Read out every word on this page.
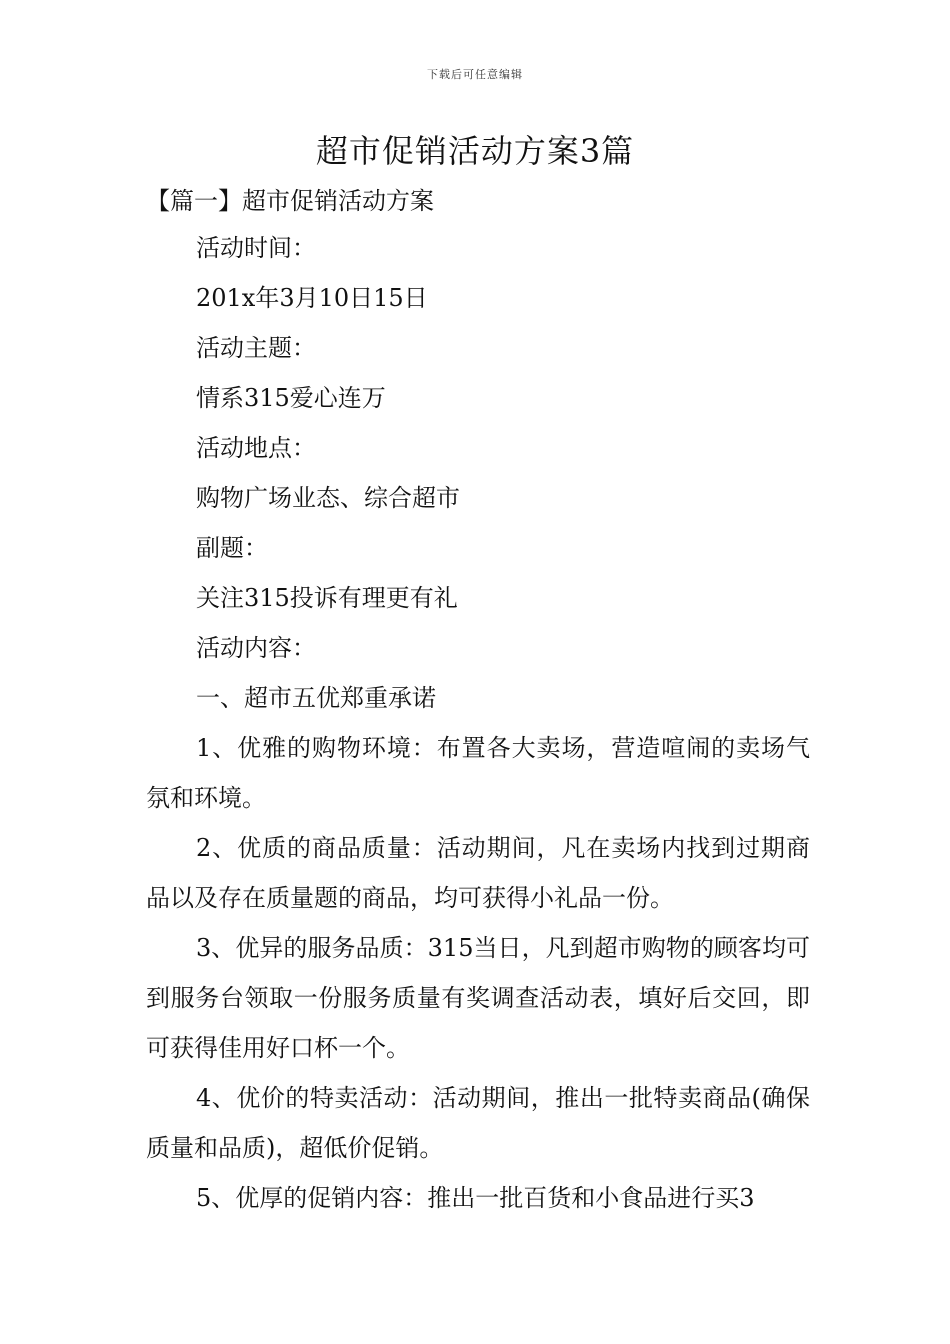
下载后可任意编辑
超市促销活动方案3篇
【篇一】超市促销活动方案

活动时间：

201x年3月10日15日

活动主题：

情系315爱心连万

活动地点：

购物广场业态、综合超市

副题：

关注315投诉有理更有礼

活动内容：

一、超市五优郑重承诺

1、优雅的购物环境：布置各大卖场，营造喧闹的卖场气氛和环境。

2、优质的商品质量：活动期间，凡在卖场内找到过期商品以及存在质量题的商品，均可获得小礼品一份。

3、优异的服务品质：315当日，凡到超市购物的顾客均可到服务台领取一份服务质量有奖调查活动表，填好后交回，即可获得佳用好口杯一个。

4、优价的特卖活动：活动期间，推出一批特卖商品(确保质量和品质)，超低价促销。

5、优厚的促销内容：推出一批百货和小食品进行买3
